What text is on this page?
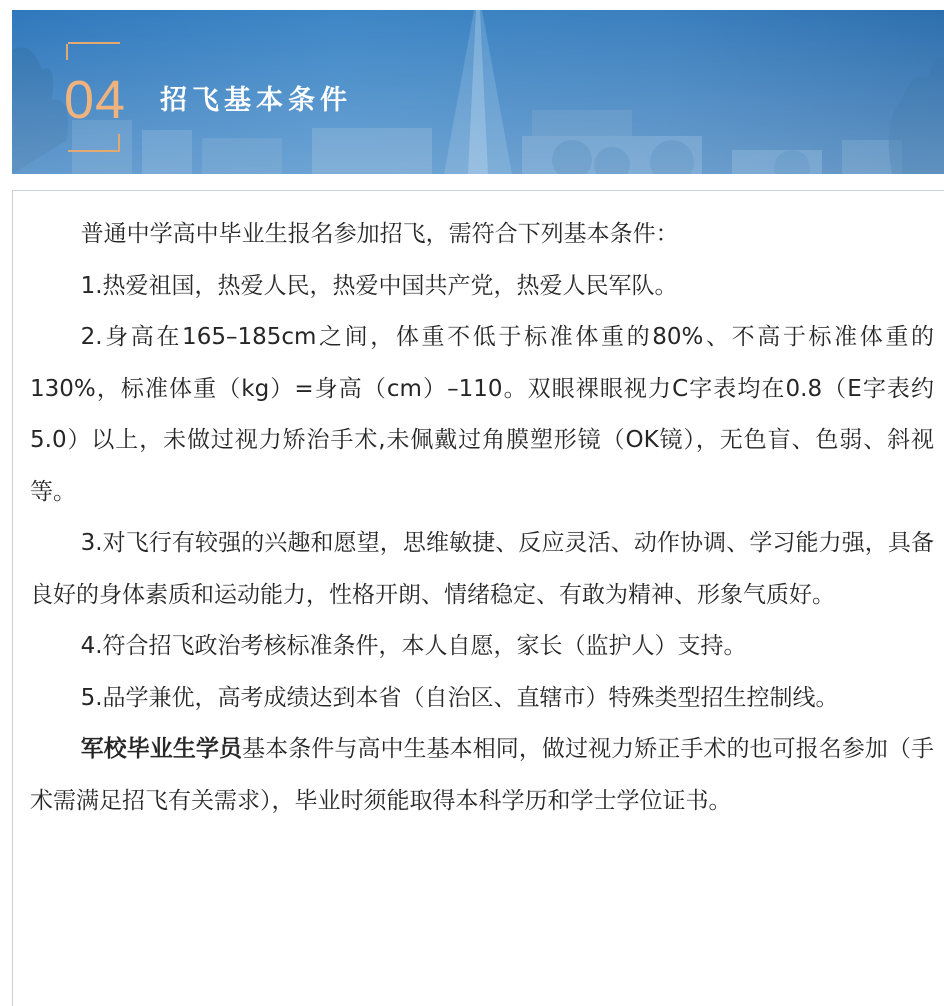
04 招飞基本条件

普通中学高中毕业生报名参加招飞，需符合下列基本条件：

1.热爱祖国，热爱人民，热爱中国共产党，热爱人民军队。

2.身高在165–185cm之间，体重不低于标准体重的80%、不高于标准体重的130%，标准体重（kg）=身高（cm）–110。双眼裸眼视力C字表均在0.8（E字表约5.0）以上，未做过视力矫治手术,未佩戴过角膜塑形镜（OK镜），无色盲、色弱、斜视等。

3.对飞行有较强的兴趣和愿望，思维敏捷、反应灵活、动作协调、学习能力强，具备良好的身体素质和运动能力，性格开朗、情绪稳定、有敢为精神、形象气质好。

4.符合招飞政治考核标准条件，本人自愿，家长（监护人）支持。

5.品学兼优，高考成绩达到本省（自治区、直辖市）特殊类型招生控制线。

军校毕业生学员基本条件与高中生基本相同，做过视力矫正手术的也可报名参加（手术需满足招飞有关需求），毕业时须能取得本科学历和学士学位证书。
